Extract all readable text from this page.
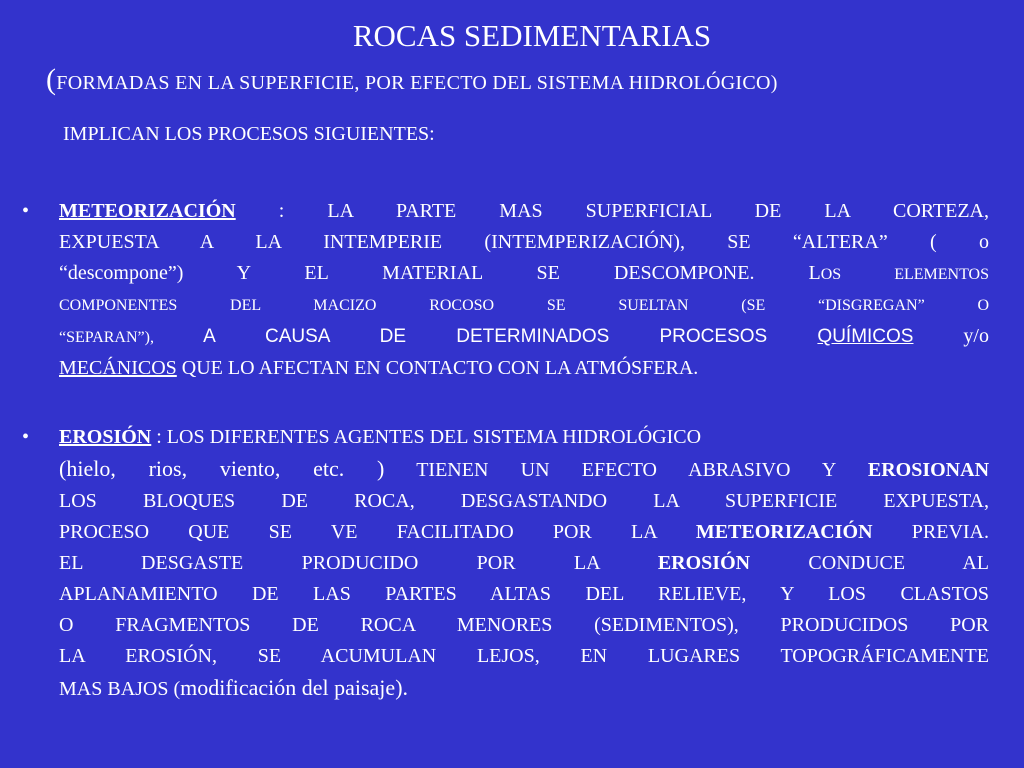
ROCAS SEDIMENTARIAS
(FORMADAS EN LA SUPERFICIE, POR EFECTO DEL SISTEMA HIDROLÓGICO)
IMPLICAN LOS PROCESOS SIGUIENTES:
• METEORIZACIÓN : LA PARTE MAS SUPERFICIAL DE LA CORTEZA,
EXPUESTA A LA INTEMPERIE (INTEMPERIZACIÓN), SE “ALTERA” ( o
“descompone”) Y EL MATERIAL SE DESCOMPONE. LOS ELEMENTOS
COMPONENTES DEL MACIZO ROCOSO SE SUELTAN (SE “DISGREGAN” O
“SEPARAN”), A CAUSA DE DETERMINADOS PROCESOS QUÍMICOS y/o
MECÁNICOS QUE LO AFECTAN EN CONTACTO CON LA ATMÓSFERA.
• EROSIÓN : LOS DIFERENTES AGENTES DEL SISTEMA HIDROLÓGICO
(hielo, rios, viento, etc. ) TIENEN UN EFECTO ABRASIVO Y EROSIONAN
LOS BLOQUES DE ROCA, DESGASTANDO LA SUPERFICIE EXPUESTA,
PROCESO QUE SE VE FACILITADO POR LA METEORIZACIÓN PREVIA.
EL DESGASTE PRODUCIDO POR LA EROSIÓN CONDUCE AL
APLANAMIENTO DE LAS PARTES ALTAS DEL RELIEVE, Y LOS CLASTOS
O FRAGMENTOS DE ROCA MENORES (SEDIMENTOS), PRODUCIDOS POR
LA EROSIÓN, SE ACUMULAN LEJOS, EN LUGARES TOPOGRÁFICAMENTE
MAS BAJOS (modificación del paisaje).
